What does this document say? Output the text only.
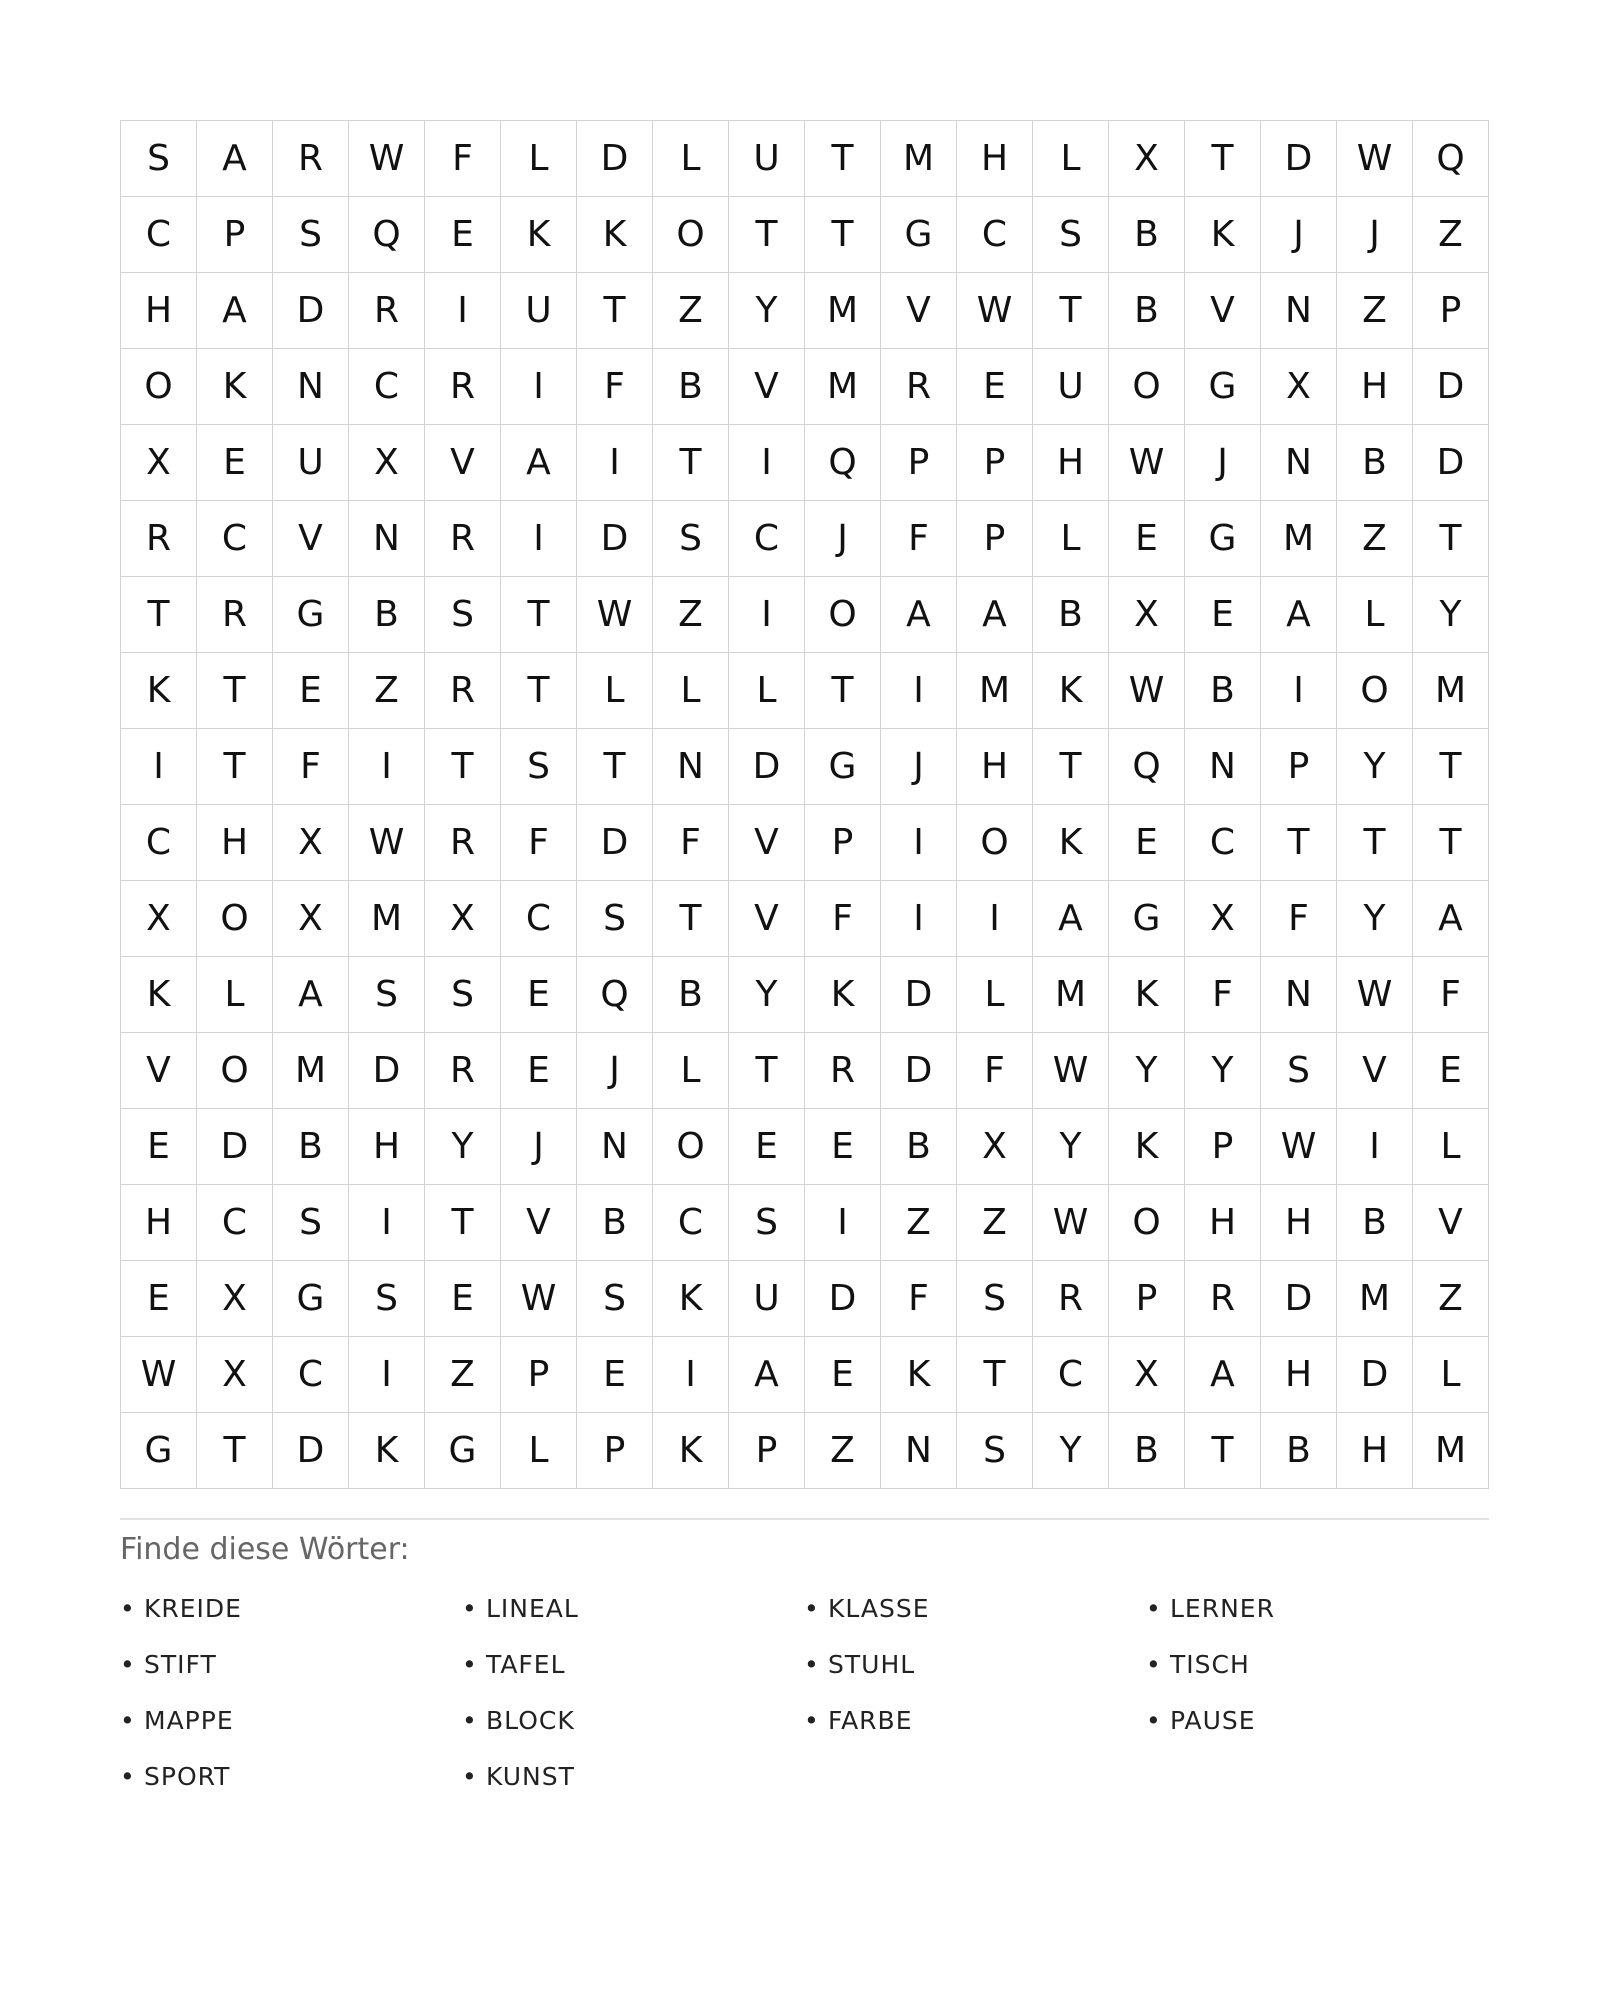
S	A	R	W	F	L	D	L	U	T	M	H	L	X	T	D	W	Q
C	P	S	Q	E	K	K	O	T	T	G	C	S	B	K	J	J	Z
H	A	D	R	I	U	T	Z	Y	M	V	W	T	B	V	N	Z	P
O	K	N	C	R	I	F	B	V	M	R	E	U	O	G	X	H	D
X	E	U	X	V	A	I	T	I	Q	P	P	H	W	J	N	B	D
R	C	V	N	R	I	D	S	C	J	F	P	L	E	G	M	Z	T
T	R	G	B	S	T	W	Z	I	O	A	A	B	X	E	A	L	Y
K	T	E	Z	R	T	L	L	L	T	I	M	K	W	B	I	O	M
I	T	F	I	T	S	T	N	D	G	J	H	T	Q	N	P	Y	T
C	H	X	W	R	F	D	F	V	P	I	O	K	E	C	T	T	T
X	O	X	M	X	C	S	T	V	F	I	I	A	G	X	F	Y	A
K	L	A	S	S	E	Q	B	Y	K	D	L	M	K	F	N	W	F
V	O	M	D	R	E	J	L	T	R	D	F	W	Y	Y	S	V	E
E	D	B	H	Y	J	N	O	E	E	B	X	Y	K	P	W	I	L
H	C	S	I	T	V	B	C	S	I	Z	Z	W	O	H	H	B	V
E	X	G	S	E	W	S	K	U	D	F	S	R	P	R	D	M	Z
W	X	C	I	Z	P	E	I	A	E	K	T	C	X	A	H	D	L
G	T	D	K	G	L	P	K	P	Z	N	S	Y	B	T	B	H	M
Finde diese Wörter:
• KREIDE	• LINEAL	• KLASSE	• LERNER
• STIFT	• TAFEL	• STUHL	• TISCH
• MAPPE	• BLOCK	• FARBE	• PAUSE
• SPORT	• KUNST
